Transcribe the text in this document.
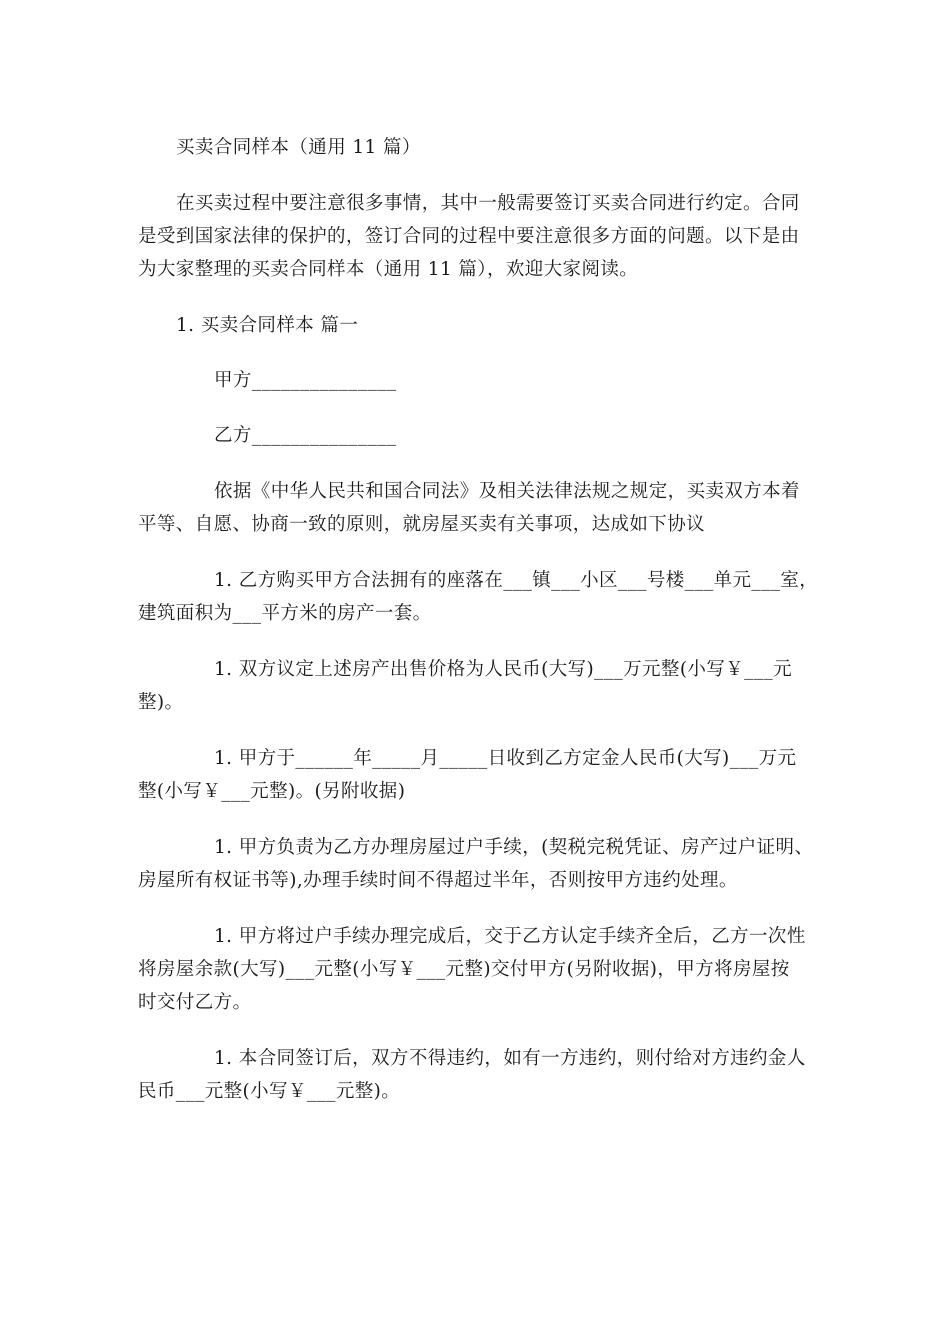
买卖合同样本（通用 11 篇）
在买卖过程中要注意很多事情，其中一般需要签订买卖合同进行约定。合同
是受到国家法律的保护的，签订合同的过程中要注意很多方面的问题。以下是由
为大家整理的买卖合同样本（通用 11 篇），欢迎大家阅读。
1. 买卖合同样本 篇一
甲方_______________
乙方_______________
依据《中华人民共和国合同法》及相关法律法规之规定，买卖双方本着
平等、自愿、协商一致的原则，就房屋买卖有关事项，达成如下协议
1. 乙方购买甲方合法拥有的座落在___镇___小区___号楼___单元___室，
建筑面积为___平方米的房产一套。
1. 双方议定上述房产出售价格为人民币(大写)___万元整(小写￥___元
整)。
1. 甲方于______年_____月_____日收到乙方定金人民币(大写)___万元
整(小写￥___元整)。(另附收据)
1. 甲方负责为乙方办理房屋过户手续，(契税完税凭证、房产过户证明、
房屋所有权证书等),办理手续时间不得超过半年，否则按甲方违约处理。
1. 甲方将过户手续办理完成后，交于乙方认定手续齐全后，乙方一次性
将房屋余款(大写)___元整(小写￥___元整)交付甲方(另附收据)，甲方将房屋按
时交付乙方。
1. 本合同签订后，双方不得违约，如有一方违约，则付给对方违约金人
民币___元整(小写￥___元整)。
